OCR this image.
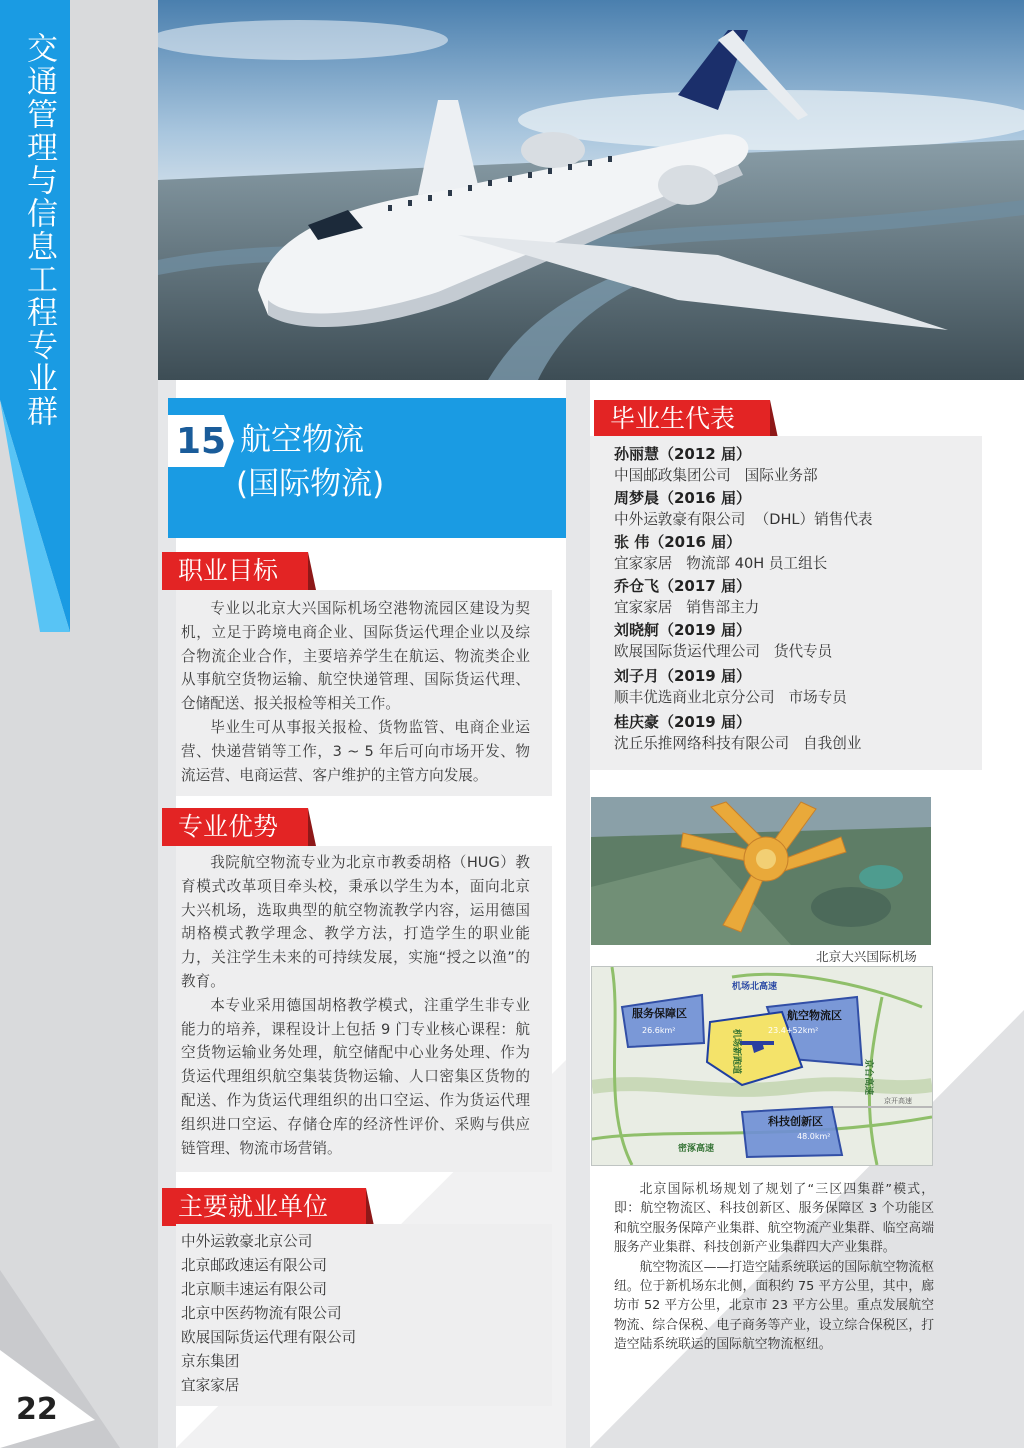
交通管理与信息工程专业群
15 航空物流
(国际物流)
职业目标

专业以北京大兴国际机场空港物流园区建设为契机，立足于跨境电商企业、国际货运代理企业以及综合物流企业合作，主要培养学生在航运、物流类企业从事航空货物运输、航空快递管理、国际货运代理、仓储配送、报关报检等相关工作。

毕业生可从事报关报检、货物监管、电商企业运营、快递营销等工作，3 ~ 5 年后可向市场开发、物流运营、电商运营、客户维护的主管方向发展。

专业优势

我院航空物流专业为北京市教委胡格（HUG）教育模式改革项目牵头校，秉承以学生为本，面向北京大兴机场，选取典型的航空物流教学内容，运用德国胡格模式教学理念、教学方法，打造学生的职业能力，关注学生未来的可持续发展，实施“授之以渔”的教育。

本专业采用德国胡格教学模式，注重学生非专业能力的培养，课程设计上包括 9 门专业核心课程：航空货物运输业务处理，航空储配中心业务处理、作为货运代理组织航空集装货物运输、人口密集区货物的配送、作为货运代理组织的出口空运、作为货运代理组织进口空运、存储仓库的经济性评价、采购与供应链管理、物流市场营销。

主要就业单位
中外运敦豪北京公司
北京邮政速运有限公司
北京顺丰速运有限公司
北京中医药物流有限公司
欧展国际货运代理有限公司
京东集团
宜家家居
毕业生代表
孙丽慧（2012 届）
中国邮政集团公司   国际业务部
周梦晨（2016 届）
中外运敦豪有限公司  （DHL）销售代表
张 伟（2016 届）
宜家家居   物流部 40H 员工组长
乔仓飞（2017 届）
宜家家居   销售部主力
刘晓舸（2019 届）
欧展国际货运代理公司   货代专员
刘子月（2019 届）
顺丰优选商业北京分公司   市场专员
桂庆豪（2019 届）
沈丘乐推网络科技有限公司   自我创业
北京大兴国际机场
机场北高速
服务保障区
26.6km²
航空物流区
23.4+52km²
机场新跑道
京台高速
科技创新区
48.0km²
密涿高速
京开高速

北京国际机场规划了规划了“三区四集群”模式，即：航空物流区、科技创新区、服务保障区 3 个功能区和航空服务保障产业集群、航空物流产业集群、临空高端服务产业集群、科技创新产业集群四大产业集群。

航空物流区——打造空陆系统联运的国际航空物流枢纽。位于新机场东北侧，面积约 75 平方公里，其中，廊坊市 52 平方公里，北京市 23 平方公里。重点发展航空物流、综合保税、电子商务等产业，设立综合保税区，打造空陆系统联运的国际航空物流枢纽。

22
